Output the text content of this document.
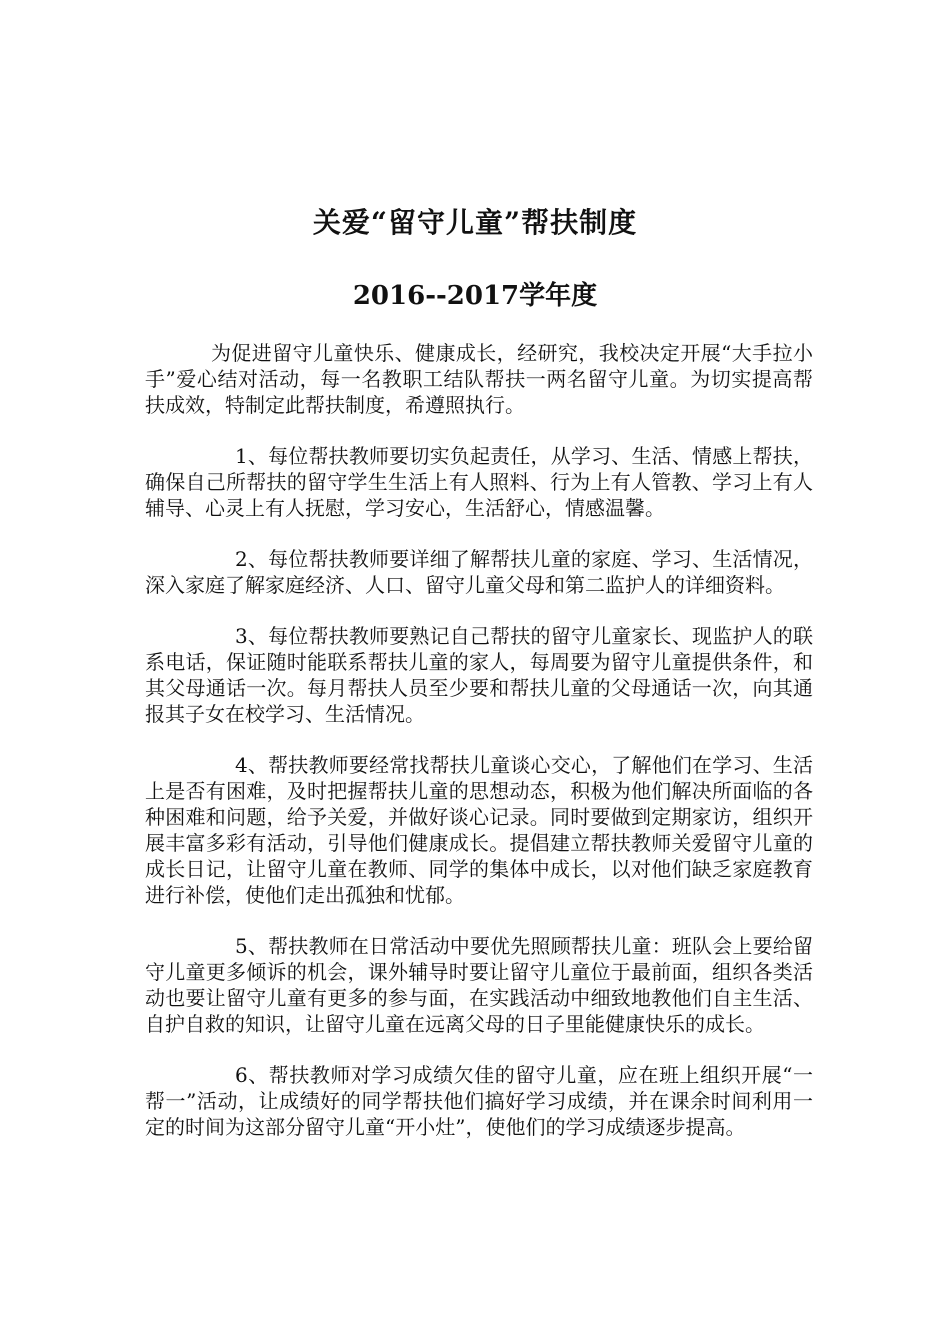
关爱“留守儿童”帮扶制度
2016--2017学年度

为促进留守儿童快乐、健康成长，经研究，我校决定开展“大手拉小手”爱心结对活动，每一名教职工结队帮扶一两名留守儿童。为切实提高帮扶成效，特制定此帮扶制度，希遵照执行。

1、每位帮扶教师要切实负起责任，从学习、生活、情感上帮扶，确保自己所帮扶的留守学生生活上有人照料、行为上有人管教、学习上有人辅导、心灵上有人抚慰，学习安心，生活舒心，情感温馨。

2、每位帮扶教师要详细了解帮扶儿童的家庭、学习、生活情况，深入家庭了解家庭经济、人口、留守儿童父母和第二监护人的详细资料。

3、每位帮扶教师要熟记自己帮扶的留守儿童家长、现监护人的联系电话，保证随时能联系帮扶儿童的家人，每周要为留守儿童提供条件，和其父母通话一次。每月帮扶人员至少要和帮扶儿童的父母通话一次，向其通报其子女在校学习、生活情况。

4、帮扶教师要经常找帮扶儿童谈心交心，了解他们在学习、生活上是否有困难，及时把握帮扶儿童的思想动态，积极为他们解决所面临的各种困难和问题，给予关爱，并做好谈心记录。同时要做到定期家访，组织开展丰富多彩有活动，引导他们健康成长。提倡建立帮扶教师关爱留守儿童的成长日记，让留守儿童在教师、同学的集体中成长，以对他们缺乏家庭教育进行补偿，使他们走出孤独和忧郁。

5、帮扶教师在日常活动中要优先照顾帮扶儿童：班队会上要给留守儿童更多倾诉的机会，课外辅导时要让留守儿童位于最前面，组织各类活动也要让留守儿童有更多的参与面，在实践活动中细致地教他们自主生活、自护自救的知识，让留守儿童在远离父母的日子里能健康快乐的成长。

6、帮扶教师对学习成绩欠佳的留守儿童，应在班上组织开展“一帮一”活动，让成绩好的同学帮扶他们搞好学习成绩，并在课余时间利用一定的时间为这部分留守儿童“开小灶”，使他们的学习成绩逐步提高。
